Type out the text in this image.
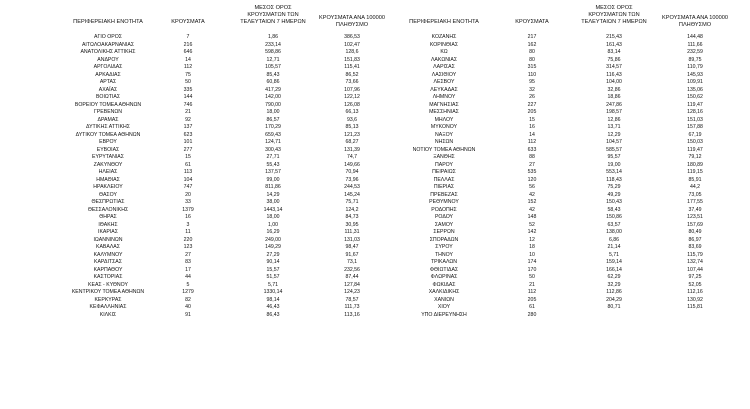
ΠΕΡΙΦΕΡΕΙΑΚΗ ΕΝΟΤΗΤΑ	ΚΡΟΥΣΜΑΤΑ
ΜΕΣΟΣ ΟΡΟΣ
ΚΡΟΥΣΜΑΤΩΝ ΤΩΝ
ΤΕΛΕΥΤΑΙΩΝ 7 ΗΜΕΡΩΝ
ΚΡΟΥΣΜΑΤΑ ΑΝΑ 100000
ΠΛΗΘΥΣΜΟ
ΑΓΙΟ ΟΡΟΣ	7	1,86	386,53
ΑΙΤΩΛΟΑΚΑΡΝΑΝΙΑΣ	216	233,14	102,47
ΑΝΑΤΟΛΙΚΗΣ ΑΤΤΙΚΗΣ	646	598,86	128,6
ΑΝΔΡΟΥ	14	12,71	151,83
ΑΡΓΟΛΙΔΑΣ	112	105,57	115,41
ΑΡΚΑΔΙΑΣ	75	85,43	86,52
ΑΡΤΑΣ	50	60,86	73,66
ΑΧΑΪΑΣ	335	417,29	107,96
ΒΟΙΩΤΙΑΣ	144	142,00	122,12
ΒΟΡΕΙΟΥ ΤΟΜΕΑ ΑΘΗΝΩΝ	746	790,00	126,08
ΓΡΕΒΕΝΩΝ	21	18,00	66,13
ΔΡΑΜΑΣ	92	86,57	93,6
ΔΥΤΙΚΗΣ ΑΤΤΙΚΗΣ	137	170,29	85,13
ΔΥΤΙΚΟΥ ΤΟΜΕΑ ΑΘΗΝΩΝ	623	659,43	121,23
ΕΒΡΟΥ	101	124,71	68,27
ΕΥΒΟΙΑΣ	277	300,43	131,39
ΕΥΡΥΤΑΝΙΑΣ	15	27,71	74,7
ΖΑΚΥΝΘΟΥ	61	55,43	149,66
ΗΛΕΙΑΣ	113	137,57	70,94
ΗΜΑΘΙΑΣ	104	99,00	73,96
ΗΡΑΚΛΕΙΟΥ	747	811,86	244,53
ΘΑΣΟΥ	20	14,29	145,24
ΘΕΣΠΡΩΤΙΑΣ	33	38,00	75,71
ΘΕΣΣΑΛΟΝΙΚΗΣ	1379	1443,14	124,2
ΘΗΡΑΣ	16	18,00	84,73
ΙΘΑΚΗΣ	3	1,00	30,95
ΙΚΑΡΙΑΣ	11	16,29	111,31
ΙΩΑΝΝΙΝΩΝ	220	249,00	131,03
ΚΑΒΑΛΑΣ	123	149,29	98,47
ΚΑΛΥΜΝΟΥ	27	27,29	91,67
ΚΑΡΔΙΤΣΑΣ	83	90,14	73,1
ΚΑΡΠΑΘΟΥ	17	15,57	232,56
ΚΑΣΤΟΡΙΑΣ	44	51,57	87,44
ΚΕΑΣ - ΚΥΘΝΟΥ	5	5,71	127,84
ΚΕΝΤΡΙΚΟΥ ΤΟΜΕΑ ΑΘΗΝΩΝ	1279	1330,14	124,23
ΚΕΡΚΥΡΑΣ	82	98,14	78,57
ΚΕΦΑΛΛΗΝΙΑΣ	40	46,43	111,73
ΚΙΛΚΙΣ	91	86,43	113,16
ΠΕΡΙΦΕΡΕΙΑΚΗ ΕΝΟΤΗΤΑ	ΚΡΟΥΣΜΑΤΑ
ΜΕΣΟΣ ΟΡΟΣ
ΚΡΟΥΣΜΑΤΩΝ ΤΩΝ
ΤΕΛΕΥΤΑΙΩΝ 7 ΗΜΕΡΩΝ
ΚΡΟΥΣΜΑΤΑ ΑΝΑ 100000
ΠΛΗΘΥΣΜΟ
ΚΟΖΑΝΗΣ	217	215,43	144,48
ΚΟΡΙΝΘΙΑΣ	162	161,43	111,66
ΚΩ	80	83,14	232,59
ΛΑΚΩΝΙΑΣ	80	75,86	89,75
ΛΑΡΙΣΑΣ	315	314,57	110,79
ΛΑΣΙΘΙΟΥ	110	116,43	145,93
ΛΕΣΒΟΥ	95	104,00	109,91
ΛΕΥΚΑΔΑΣ	32	32,86	135,06
ΛΗΜΝΟΥ	26	18,86	150,62
ΜΑΓΝΗΣΙΑΣ	227	247,86	119,47
ΜΕΣΣΗΝΙΑΣ	205	198,57	128,16
ΜΗΛΟΥ	15	12,86	151,03
ΜΥΚΟΝΟΥ	16	13,71	157,88
ΝΑΞΟΥ	14	12,29	67,19
ΝΗΣΩΝ	112	104,57	150,03
ΝΟΤΙΟΥ ΤΟΜΕΑ ΑΘΗΝΩΝ	633	585,57	119,47
ΞΑΝΘΗΣ	88	95,57	79,12
ΠΑΡΟΥ	27	19,00	180,89
ΠΕΙΡΑΙΩΣ	535	553,14	119,15
ΠΕΛΛΑΣ	120	118,43	85,91
ΠΙΕΡΙΑΣ	56	75,29	44,2
ΠΡΕΒΕΖΑΣ	42	49,29	73,05
ΡΕΘΥΜΝΟΥ	152	150,43	177,55
ΡΟΔΟΠΗΣ	42	58,43	37,49
ΡΟΔΟΥ	148	150,86	123,51
ΣΑΜΟΥ	52	63,57	157,69
ΣΕΡΡΩΝ	142	138,00	80,49
ΣΠΟΡΑΔΩΝ	12	6,86	86,97
ΣΥΡΟΥ	18	21,14	83,69
ΤΗΝΟΥ	10	5,71	115,79
ΤΡΙΚΑΛΩΝ	174	159,14	132,74
ΦΘΙΩΤΙΔΑΣ	170	166,14	107,44
ΦΛΩΡΙΝΑΣ	50	62,29	97,25
ΦΩΚΙΔΑΣ	21	32,29	52,05
ΧΑΛΚΙΔΙΚΗΣ	112	112,86	112,16
ΧΑΝΙΩΝ	205	204,29	130,92
ΧΙΟΥ	61	80,71	115,81
ΥΠΟ ΔΙΕΡΕΥΝΗΣΗ	280
